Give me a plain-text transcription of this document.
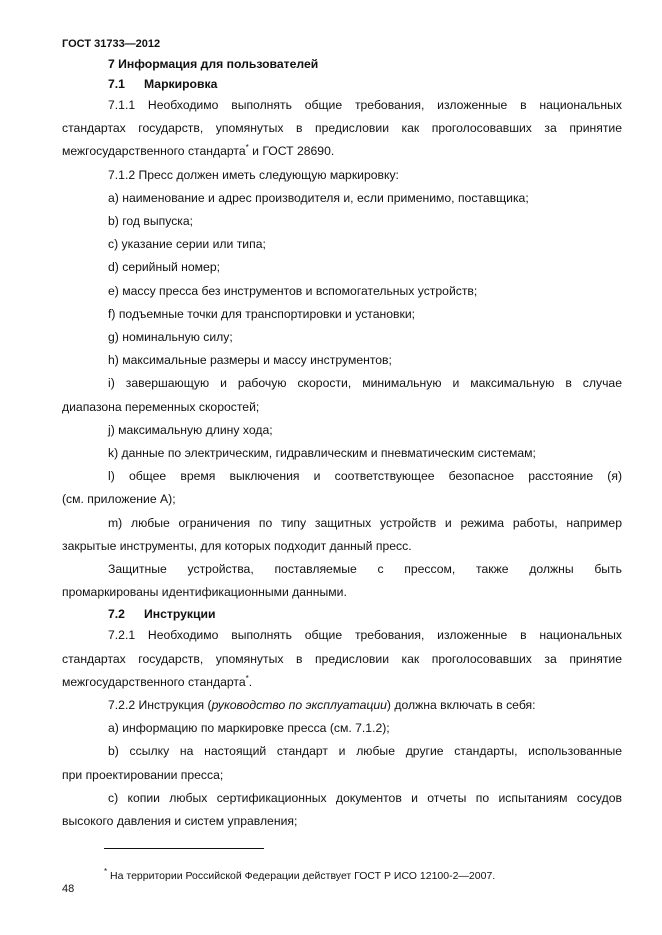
ГОСТ 31733—2012

7 Информация для пользователей

7.1 Маркировка

7.1.1 Необходимо выполнять общие требования, изложенные в национальных

стандартах государств, упомянутых в предисловии как проголосовавших за принятие

межгосударственного стандарта* и ГОСТ 28690.

7.1.2 Пресс должен иметь следующую маркировку:

a) наименование и адрес производителя и, если применимо, поставщика;

b) год выпуска;

c) указание серии или типа;

d) серийный номер;

e) массу пресса без инструментов и вспомогательных устройств;

f) подъемные точки для транспортировки и установки;

g) номинальную силу;

h) максимальные размеры и массу инструментов;

i) завершающую и рабочую скорости, минимальную и максимальную в случае

диапазона переменных скоростей;

j) максимальную длину хода;

k) данные по электрическим, гидравлическим и пневматическим системам;

l) общее время выключения и соответствующее безопасное расстояние (я)

(см. приложение А);

m) любые ограничения по типу защитных устройств и режима работы, например

закрытые инструменты, для которых подходит данный пресс.

Защитные устройства, поставляемые с прессом, также должны быть

промаркированы идентификационными данными.

7.2 Инструкции

7.2.1 Необходимо выполнять общие требования, изложенные в национальных

стандартах государств, упомянутых в предисловии как проголосовавших за принятие

межгосударственного стандарта*.

7.2.2 Инструкция (руководство по эксплуатации) должна включать в себя:

a) информацию по маркировке пресса (см. 7.1.2);

b) ссылку на настоящий стандарт и любые другие стандарты, использованные

при проектировании пресса;

c) копии любых сертификационных документов и отчеты по испытаниям сосудов

высокого давления и систем управления;

* На территории Российской Федерации действует ГОСТ Р ИСО 12100-2—2007.
48
